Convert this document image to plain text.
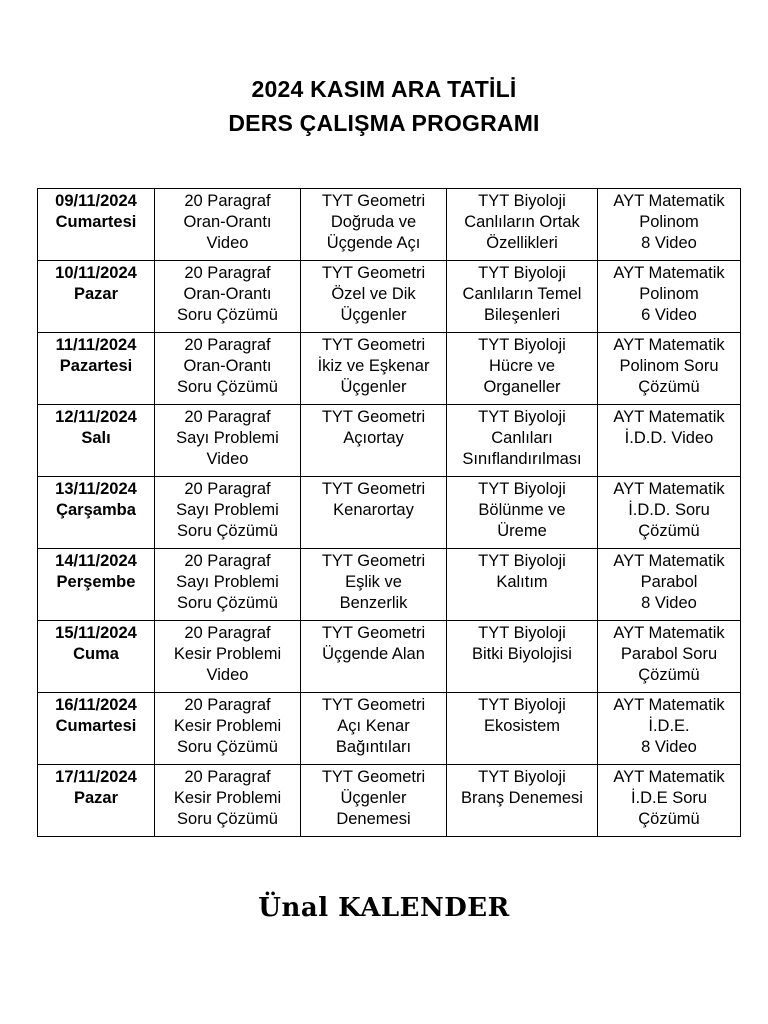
2024 KASIM ARA TATİLİ
DERS ÇALIŞMA PROGRAMI
09/11/2024
Cumartesi	20 Paragraf
Oran-Orantı
Video	TYT Geometri
Doğruda ve
Üçgende Açı	TYT Biyoloji
Canlıların Ortak
Özellikleri	AYT Matematik
Polinom
8 Video

10/11/2024
Pazar	20 Paragraf
Oran-Orantı
Soru Çözümü	TYT Geometri
Özel ve Dik
Üçgenler	TYT Biyoloji
Canlıların Temel
Bileşenleri	AYT Matematik
Polinom
6 Video

11/11/2024
Pazartesi	20 Paragraf
Oran-Orantı
Soru Çözümü	TYT Geometri
İkiz ve Eşkenar
Üçgenler	TYT Biyoloji
Hücre ve
Organeller	AYT Matematik
Polinom Soru
Çözümü

12/11/2024
Salı	20 Paragraf
Sayı Problemi
Video	TYT Geometri
Açıortay	TYT Biyoloji
Canlıları
Sınıflandırılması	AYT Matematik
İ.D.D. Video

13/11/2024
Çarşamba	20 Paragraf
Sayı Problemi
Soru Çözümü	TYT Geometri
Kenarortay	TYT Biyoloji
Bölünme ve
Üreme	AYT Matematik
İ.D.D. Soru
Çözümü

14/11/2024
Perşembe	20 Paragraf
Sayı Problemi
Soru Çözümü	TYT Geometri
Eşlik ve
Benzerlik	TYT Biyoloji
Kalıtım	AYT Matematik
Parabol
8 Video

15/11/2024
Cuma	20 Paragraf
Kesir Problemi
Video	TYT Geometri
Üçgende Alan	TYT Biyoloji
Bitki Biyolojisi	AYT Matematik
Parabol Soru
Çözümü

16/11/2024
Cumartesi	20 Paragraf
Kesir Problemi
Soru Çözümü	TYT Geometri
Açı Kenar
Bağıntıları	TYT Biyoloji
Ekosistem	AYT Matematik
İ.D.E.
8 Video

17/11/2024
Pazar	20 Paragraf
Kesir Problemi
Soru Çözümü	TYT Geometri
Üçgenler
Denemesi	TYT Biyoloji
Branş Denemesi	AYT Matematik
İ.D.E Soru
Çözümü
Ünal KALENDER
